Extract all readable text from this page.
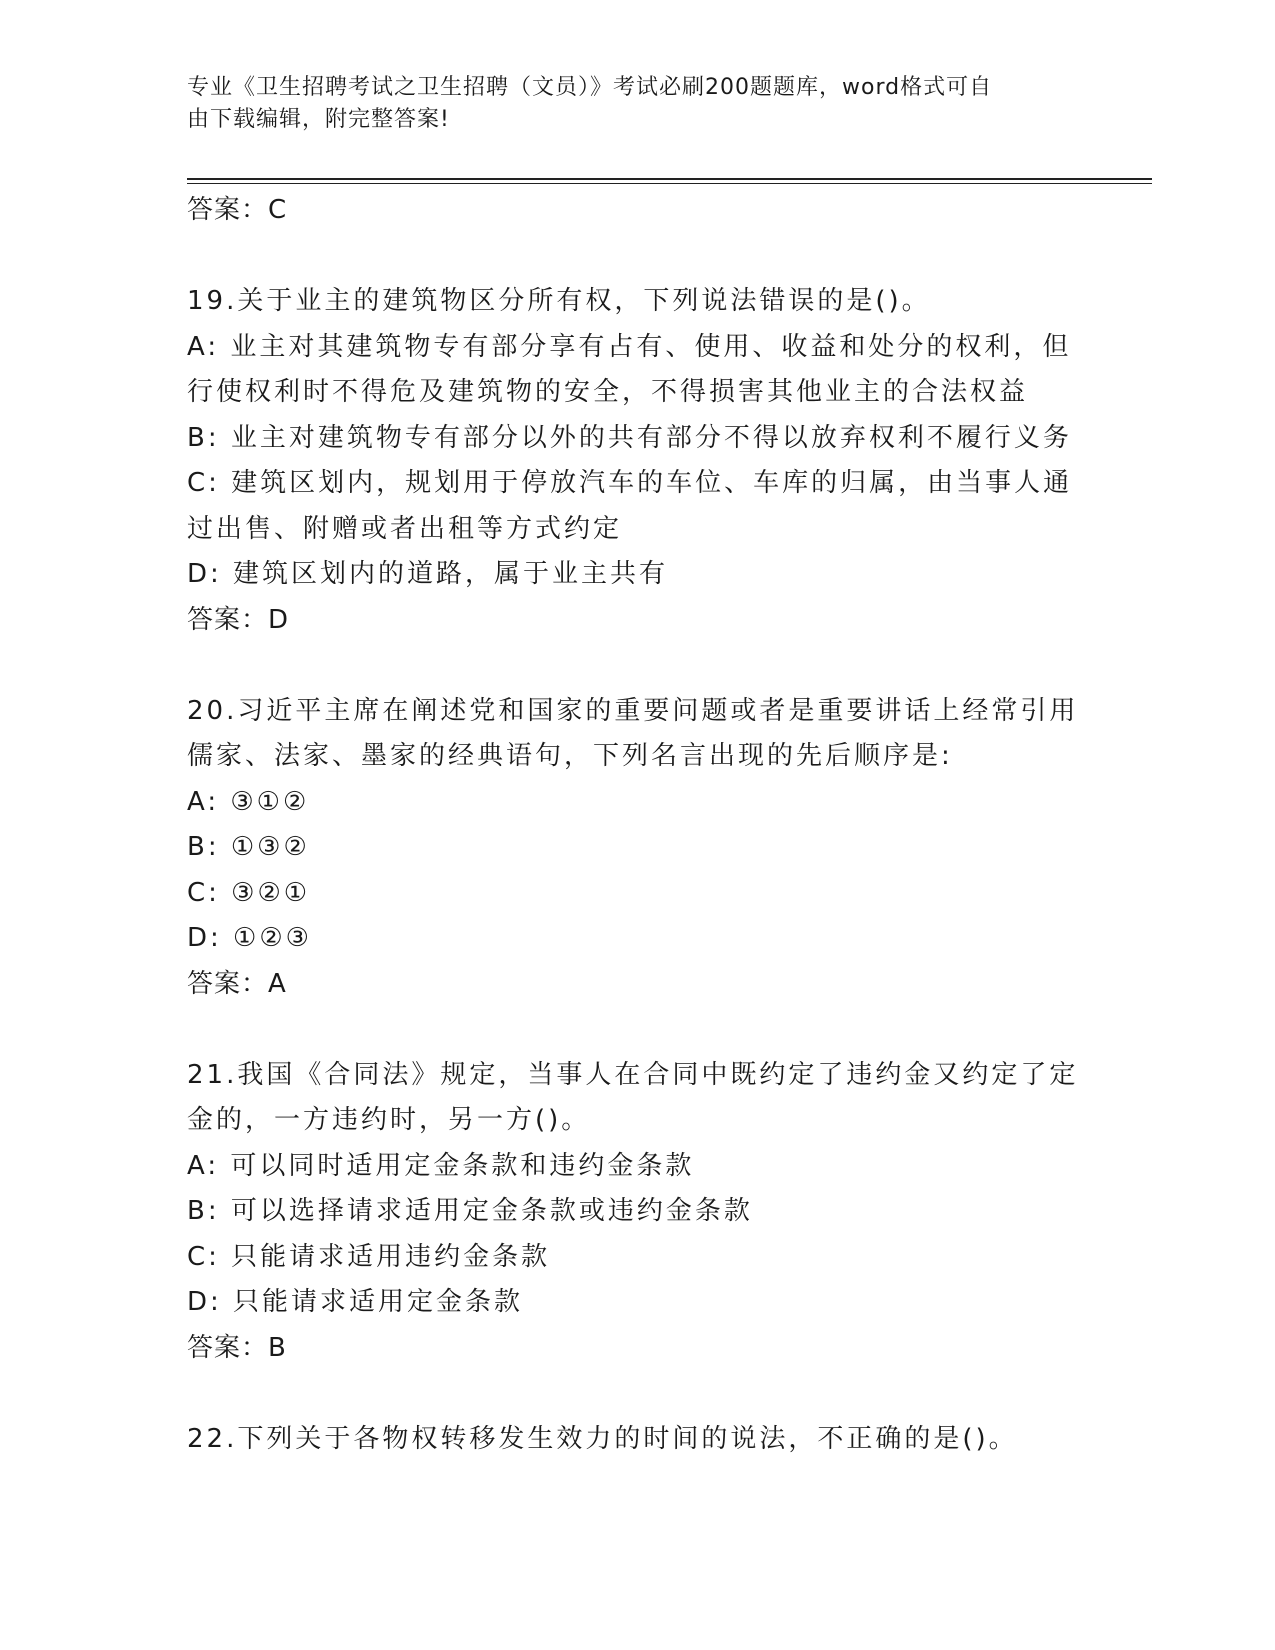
专业《卫生招聘考试之卫生招聘（文员）》考试必刷200题题库，word格式可自
由下载编辑，附完整答案!
答案：C
19.关于业主的建筑物区分所有权，下列说法错误的是()。
A: 业主对其建筑物专有部分享有占有、使用、收益和处分的权利，但
行使权利时不得危及建筑物的安全，不得损害其他业主的合法权益
B: 业主对建筑物专有部分以外的共有部分不得以放弃权利不履行义务
C: 建筑区划内，规划用于停放汽车的车位、车库的归属，由当事人通
过出售、附赠或者出租等方式约定
D: 建筑区划内的道路，属于业主共有
答案：D
20.习近平主席在阐述党和国家的重要问题或者是重要讲话上经常引用
儒家、法家、墨家的经典语句，下列名言出现的先后顺序是:
A: ③①②
B: ①③②
C: ③②①
D: ①②③
答案：A
21.我国《合同法》规定，当事人在合同中既约定了违约金又约定了定
金的，一方违约时，另一方()。
A: 可以同时适用定金条款和违约金条款
B: 可以选择请求适用定金条款或违约金条款
C: 只能请求适用违约金条款
D: 只能请求适用定金条款
答案：B
22.下列关于各物权转移发生效力的时间的说法，不正确的是()。
